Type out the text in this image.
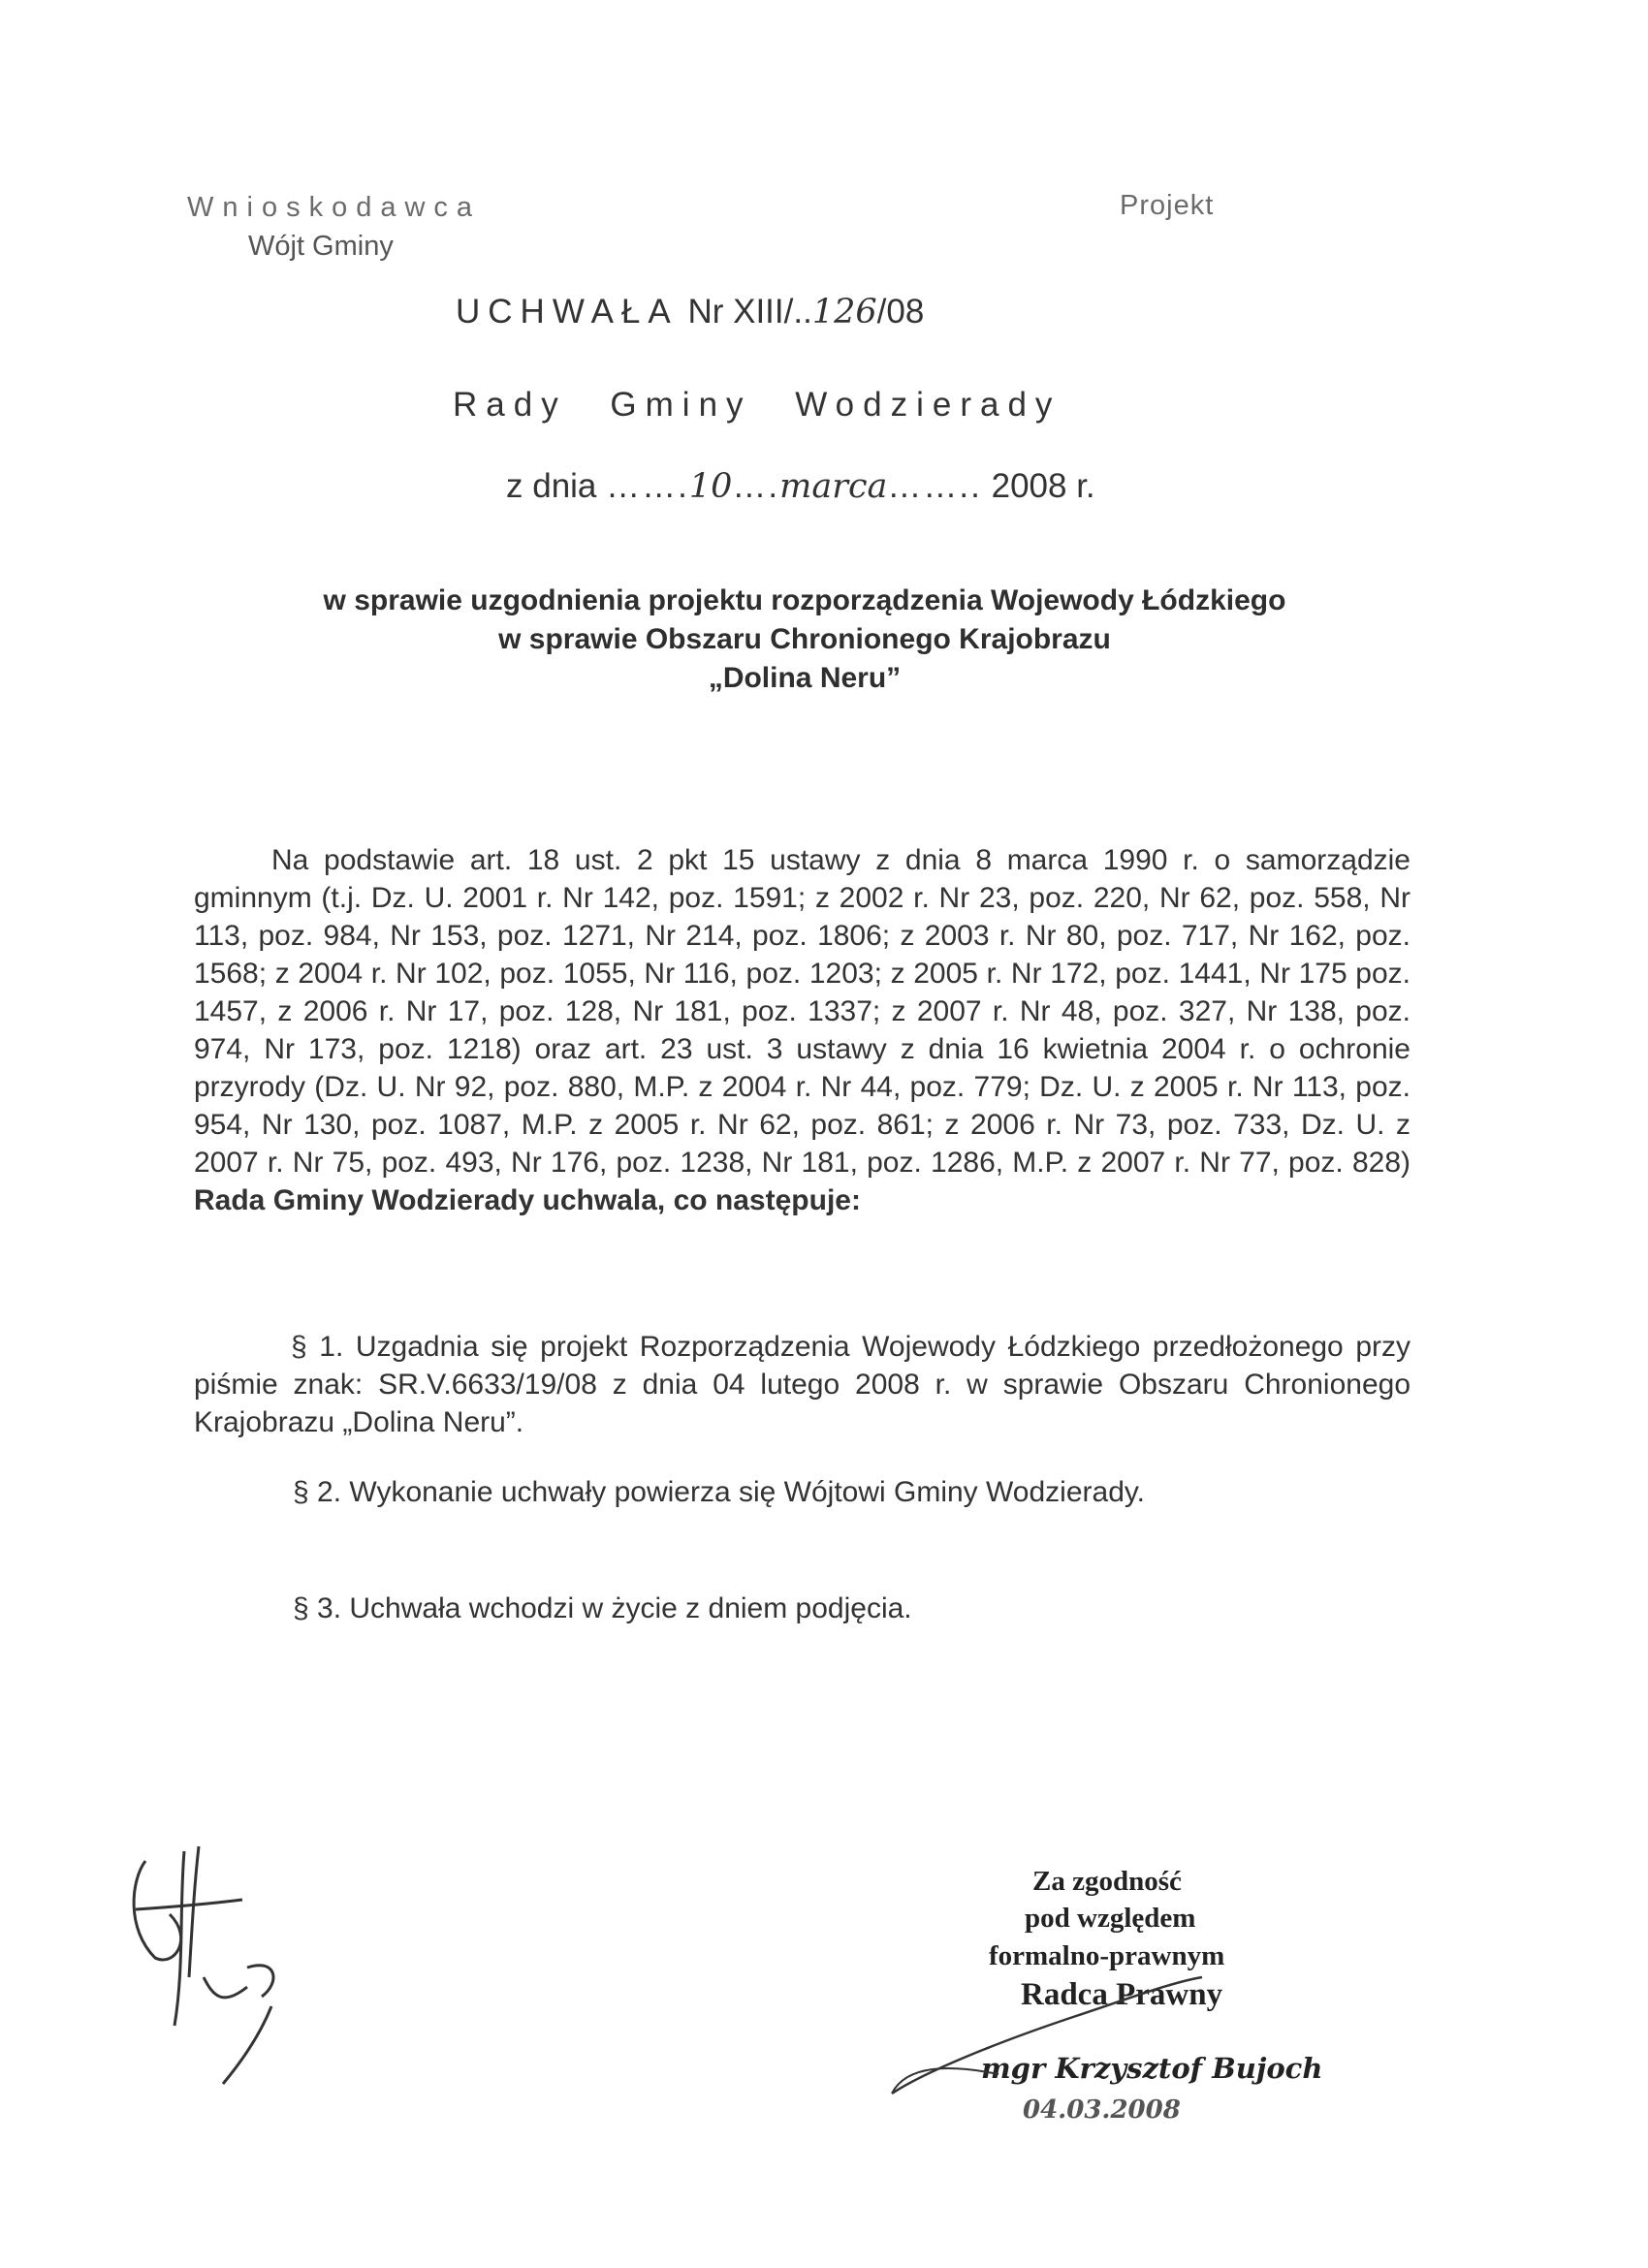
Wnioskodawca
Wójt Gminy
Projekt
UCHWAŁA Nr XIII/..126/08
Rady Gminy Wodzierady
z dnia …….10….marca…….. 2008 r.
w sprawie uzgodnienia projektu rozporządzenia Wojewody Łódzkiego
w sprawie Obszaru Chronionego Krajobrazu
„Dolina Neru”
Na podstawie art. 18 ust. 2 pkt 15 ustawy z dnia 8 marca 1990 r. o samorządzie gminnym (t.j. Dz. U. 2001 r. Nr 142, poz. 1591; z 2002 r. Nr 23, poz. 220, Nr 62, poz. 558, Nr 113, poz. 984, Nr 153, poz. 1271, Nr 214, poz. 1806; z 2003 r. Nr 80, poz. 717, Nr 162, poz. 1568; z 2004 r. Nr 102, poz. 1055, Nr 116, poz. 1203; z 2005 r. Nr 172, poz. 1441, Nr 175 poz. 1457, z 2006 r. Nr 17, poz. 128, Nr 181, poz. 1337; z 2007 r. Nr 48, poz. 327, Nr 138, poz. 974, Nr 173, poz. 1218) oraz art. 23 ust. 3 ustawy z dnia 16 kwietnia 2004 r. o ochronie przyrody (Dz. U. Nr 92, poz. 880, M.P. z 2004 r. Nr 44, poz. 779; Dz. U. z 2005 r. Nr 113, poz. 954, Nr 130, poz. 1087, M.P. z 2005 r. Nr 62, poz. 861; z 2006 r. Nr 73, poz. 733, Dz. U. z 2007 r. Nr 75, poz. 493, Nr 176, poz. 1238, Nr 181, poz. 1286, M.P. z 2007 r. Nr 77, poz. 828) Rada Gminy Wodzierady uchwala, co następuje:
§ 1. Uzgadnia się projekt Rozporządzenia Wojewody Łódzkiego przedłożonego przy piśmie znak: SR.V.6633/19/08 z dnia 04 lutego 2008 r. w sprawie Obszaru Chronionego Krajobrazu „Dolina Neru”.
§ 2. Wykonanie uchwały powierza się Wójtowi Gminy Wodzierady.
§ 3. Uchwała wchodzi w życie z dniem podjęcia.
Za zgodność
pod względem
formalno-prawnym
Radca Prawny
mgr Krzysztof Bujoch
04.03.2008
